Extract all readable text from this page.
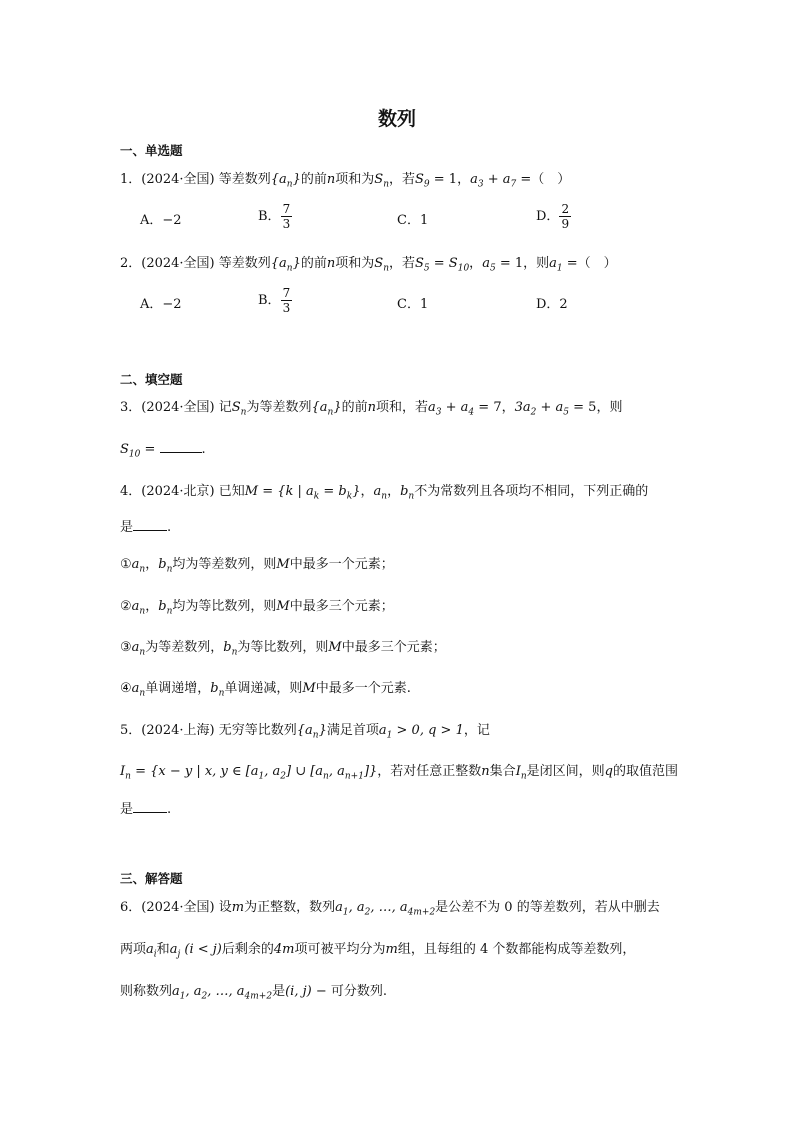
数列
一、单选题
1．(2024·全国) 等差数列$\{a_n\}$的前n项和为$S_n$，若$S_9 = 1$，$a_3 + a_7$ =（　）
A．−2	B． $\frac{7}{3}$	C．1	D． $\frac{2}{9}$
2．(2024·全国) 等差数列$\{a_n\}$的前n项和为$S_n$，若$S_5 = S_{10}$，$a_5 = 1$，则$a_1$ =（　）
A．−2	B． $\frac{7}{3}$	C．1	D．2
二、填空题
3．(2024·全国) 记$S_n$为等差数列$\{a_n\}$的前n项和，若$a_3 + a_4 = 7$，$3a_2 + a_5 = 5$，则
$S_{10}$ =	.
4．(2024·北京) 已知M = {k | $a_k = b_k$}，$a_n$，$b_n$不为常数列且各项均不相同，下列正确的
是	.
$①a_n$，$b_n$均为等差数列，则M中最多一个元素；
$②a_n$，$b_n$均为等比数列，则M中最多三个元素；
$③a_n$为等差数列，$b_n$为等比数列，则M中最多三个元素；
$④a_n$单调递增，$b_n$单调递减，则M中最多一个元素.
5．(2024·上海) 无穷等比数列$\{a_n\}$满足首项$a_1 > 0$, q > 1，记
$I_n = \{x - y$ | x, y ∈ [$a_1$, $a_2$] ∪ [$a_n$, $a_{n+1}$]}，若对任意正整数n集合$I_n$是闭区间，则q的取值范围
是	.
三、解答题
6．(2024·全国) 设m为正整数，数列$a_1$, $a_2$, …, $a_{4m+2}$是公差不为 0 的等差数列，若从中删去
两项$a_i$和$a_j$ (i < j)后剩余的4m项可被平均分为m组，且每组的 4 个数都能构成等差数列，
则称数列$a_1$, $a_2$, …, $a_{4m+2}$是(i, j) − 可分数列.
